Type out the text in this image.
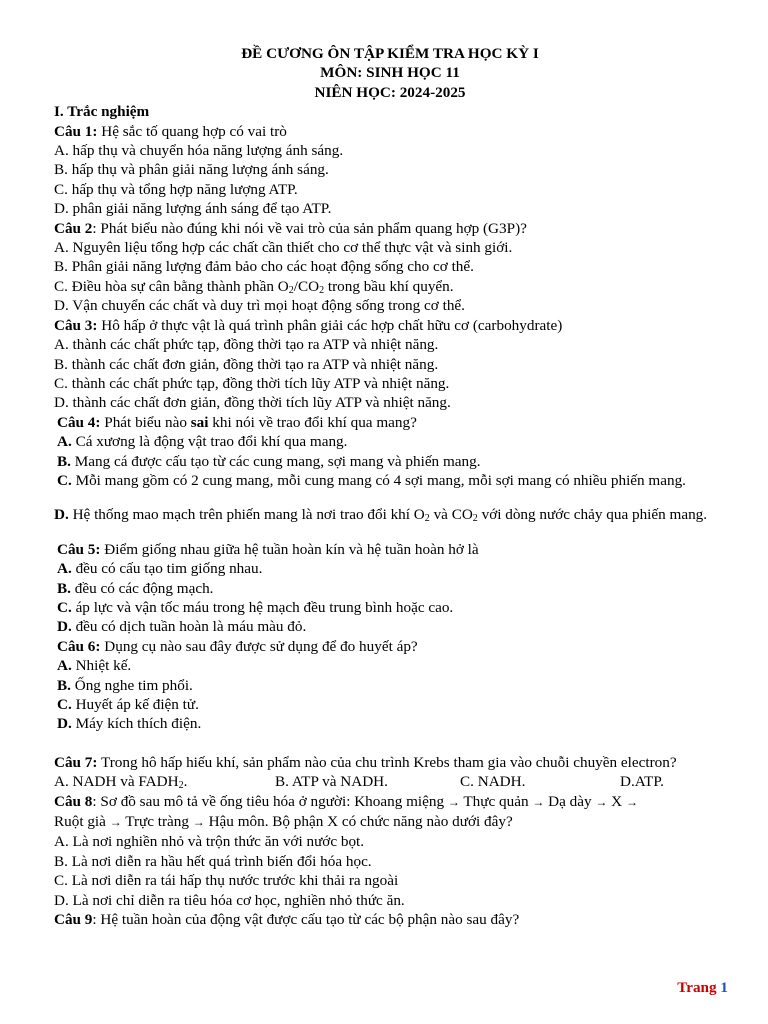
ĐỀ CƯƠNG ÔN TẬP KIỂM TRA HỌC KỲ I
MÔN: SINH HỌC 11
NIÊN HỌC: 2024-2025
I. Trắc nghiệm
Câu 1: Hệ sắc tố quang hợp có vai trò
A. hấp thụ và chuyển hóa năng lượng ánh sáng.
B. hấp thụ và phân giải năng lượng ánh sáng.
C. hấp thụ và tổng hợp năng lượng ATP.
D. phân giải năng lượng ánh sáng để tạo ATP.
Câu 2: Phát biểu nào đúng khi nói về vai trò của sản phẩm quang hợp (G3P)?
A. Nguyên liệu tổng hợp các chất cần thiết cho cơ thể thực vật và sinh giới.
B. Phân giải năng lượng đảm bảo cho các hoạt động sống cho cơ thể.
C. Điều hòa sự cân bằng thành phần $O_2/CO_2$ trong bầu khí quyển.
D. Vận chuyển các chất và duy trì mọi hoạt động sống trong cơ thể.
Câu 3: Hô hấp ở thực vật là quá trình phân giải các hợp chất hữu cơ (carbohydrate)
A. thành các chất phức tạp, đồng thời tạo ra ATP và nhiệt năng.
B. thành các chất đơn giản, đồng thời tạo ra ATP và nhiệt năng.
C. thành các chất phức tạp, đồng thời tích lũy ATP và nhiệt năng.
D. thành các chất đơn giản, đồng thời tích lũy ATP và nhiệt năng.
Câu 4: Phát biểu nào sai khi nói về trao đổi khí qua mang?
A. Cá xương là động vật trao đổi khí qua mang.
B. Mang cá được cấu tạo từ các cung mang, sợi mang và phiến mang.
C. Mỗi mang gồm có 2 cung mang, mỗi cung mang có 4 sợi mang, mỗi sợi mang có nhiều phiến mang.
D. Hệ thống mao mạch trên phiến mang là nơi trao đổi khí $O_2$ và $CO_2$ với dòng nước chảy qua phiến mang.
Câu 5: Điểm giống nhau giữa hệ tuần hoàn kín và hệ tuần hoàn hở là
A. đều có cấu tạo tim giống nhau.
B. đều có các động mạch.
C. áp lực và vận tốc máu trong hệ mạch đều trung bình hoặc cao.
D. đều có dịch tuần hoàn là máu màu đỏ.
Câu 6: Dụng cụ nào sau đây được sử dụng để đo huyết áp?
A. Nhiệt kế.
B. Ống nghe tim phổi.
C. Huyết áp kế điện tử.
D. Máy kích thích điện.
Câu 7: Trong hô hấp hiếu khí, sản phẩm nào của chu trình Krebs tham gia vào chuỗi chuyền electron?
A. NADH và $FADH_2$.	B. ATP và NADH.	C. NADH.	D.ATP.
Câu 8: Sơ đồ sau mô tả về ống tiêu hóa ở người: Khoang miệng → Thực quản → Dạ dày → X →
Ruột già → Trực tràng → Hậu môn. Bộ phận X có chức năng nào dưới đây?
A. Là nơi nghiền nhỏ và trộn thức ăn với nước bọt.
B. Là nơi diễn ra hầu hết quá trình biến đổi hóa học.
C. Là nơi diễn ra tái hấp thụ nước trước khi thải ra ngoài
D. Là nơi chỉ diễn ra tiêu hóa cơ học, nghiền nhỏ thức ăn.
Câu 9: Hệ tuần hoàn của động vật được cấu tạo từ các bộ phận nào sau đây?
Trang 1
